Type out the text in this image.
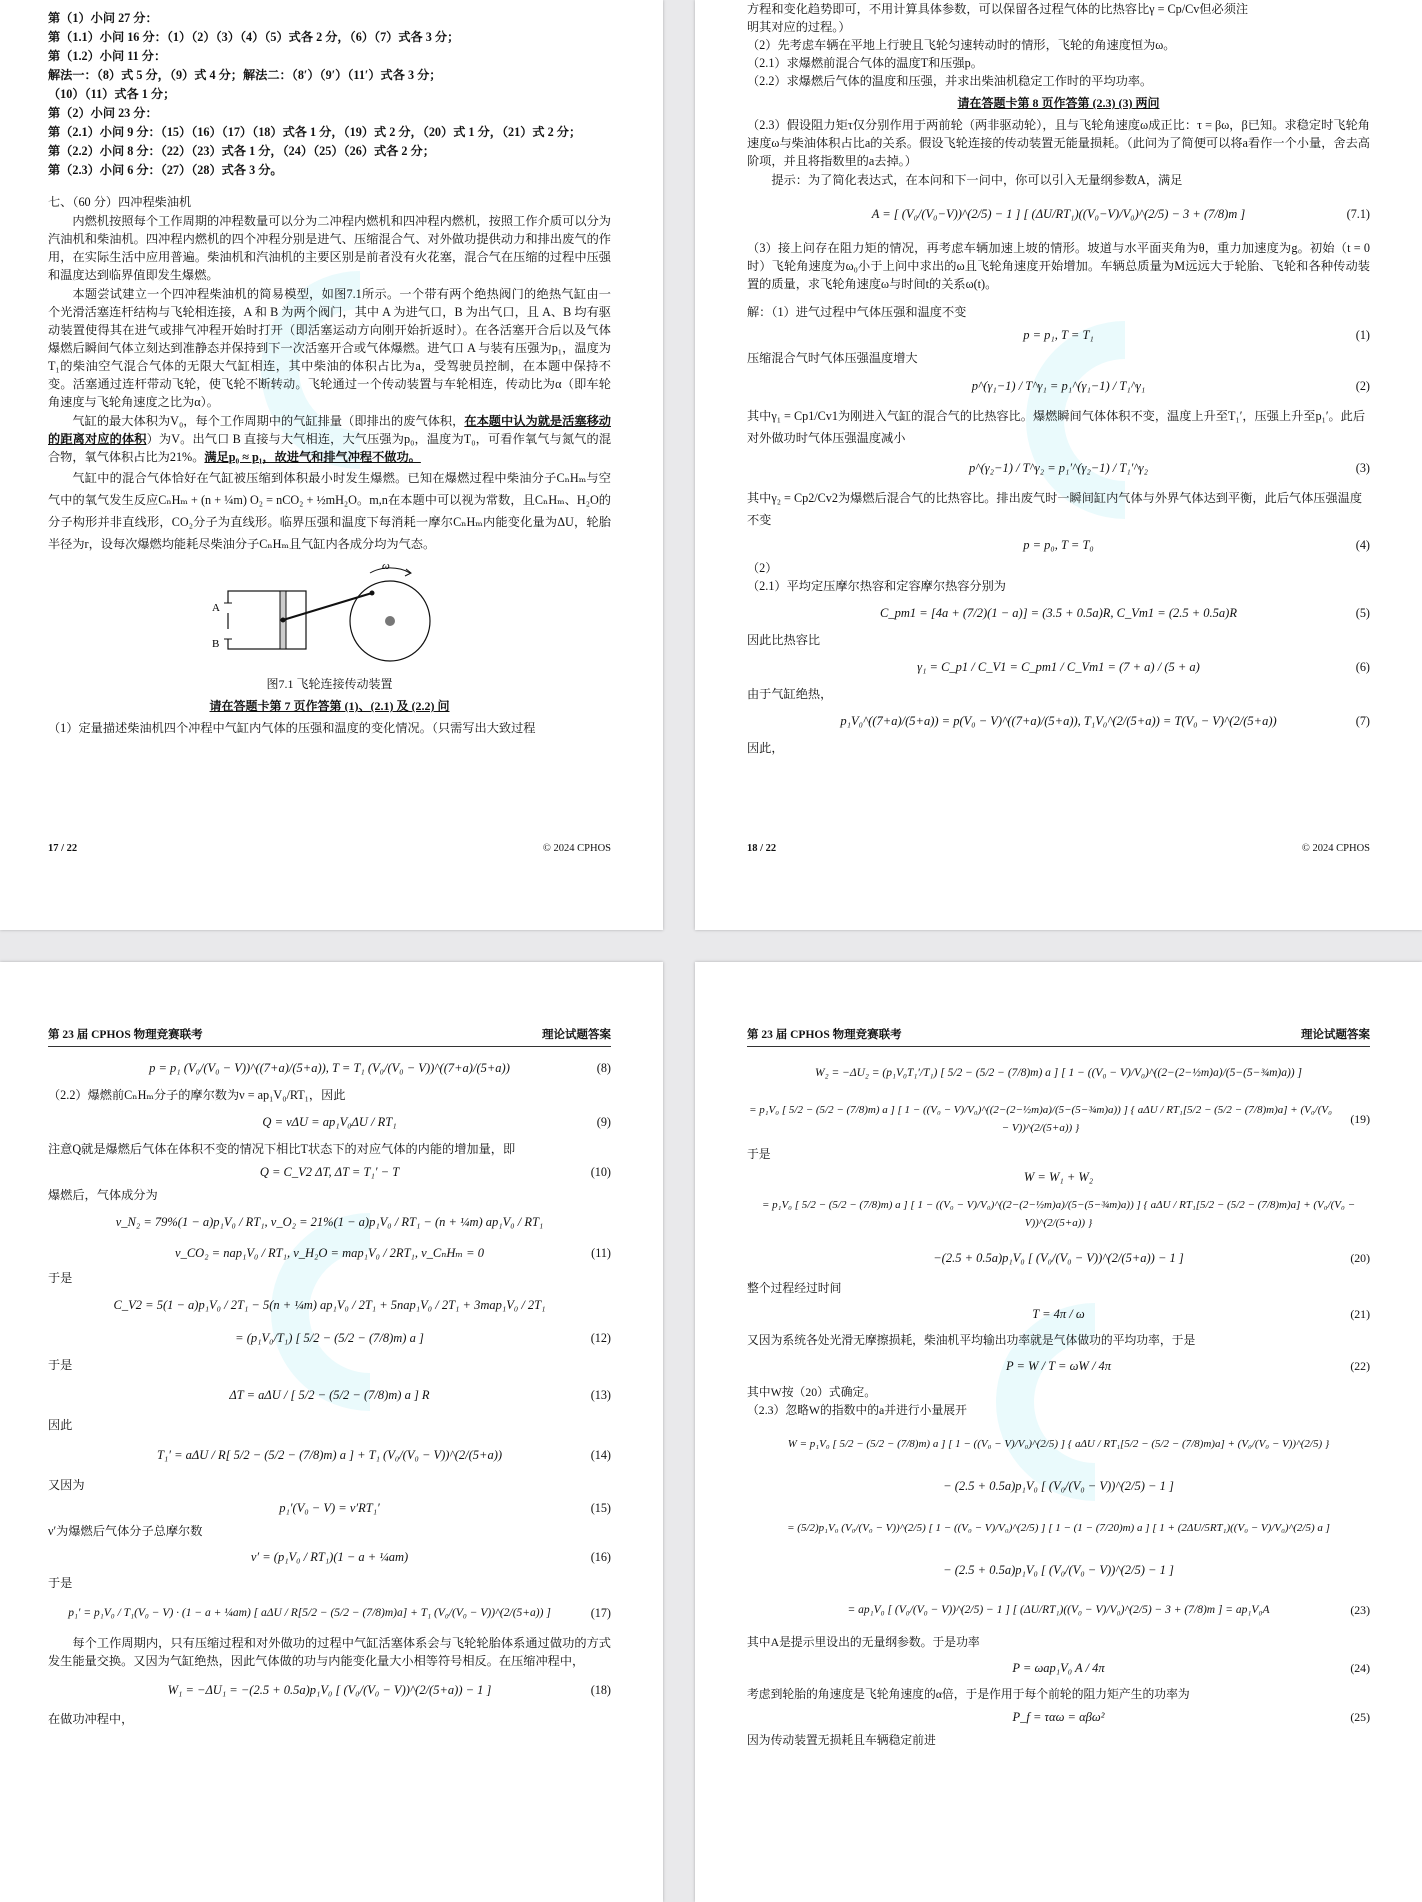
第（1）小问 27 分：
第（1.1）小问 16 分：（1）（2）（3）（4）（5）式各 2 分，（6）（7）式各 3 分；
第（1.2）小问 11 分：
解法一：（8）式 5 分，（9）式 4 分；解法二：（8′）（9′）（11′）式各 3 分；
（10）（11）式各 1 分；
第（2）小问 23 分：
第（2.1）小问 9 分：（15）（16）（17）（18）式各 1 分，（19）式 2 分，（20）式 1 分，（21）式 2 分；
第（2.2）小问 8 分：（22）（23）式各 1 分，（24）（25）（26）式各 2 分；
第（2.3）小问 6 分：（27）（28）式各 3 分。
七、（60 分）四冲程柴油机

内燃机按照每个工作周期的冲程数量可以分为二冲程内燃机和四冲程内燃机，按照工作介质可以分为汽油机和柴油机。四冲程内燃机的四个冲程分别是进气、压缩混合气、对外做功提供动力和排出废气的作用，在实际生活中应用普遍。柴油机和汽油机的主要区别是前者没有火花塞，混合气在压缩的过程中压强和温度达到临界值即发生爆燃。

本题尝试建立一个四冲程柴油机的简易模型，如图7.1所示。一个带有两个绝热阀门的绝热气缸由一个光滑活塞连杆结构与飞轮相连接，A 和 B 为两个阀门，其中 A 为进气口，B 为出气口，且 A、B 均有驱动装置使得其在进气或排气冲程开始时打开（即活塞运动方向刚开始折返时）。在各活塞开合后以及气体爆燃后瞬间气体立刻达到准静态并保持到下一次活塞开合或气体爆燃。进气口 A 与装有压强为p₁，温度为T₁的柴油空气混合气体的无限大气缸相连，其中柴油的体积占比为a，受驾驶员控制，在本题中保持不变。活塞通过连杆带动飞轮，使飞轮不断转动。飞轮通过一个传动装置与车轮相连，传动比为α（即车轮角速度与飞轮角速度之比为α）。

气缸的最大体积为V₀，每个工作周期中的气缸排量（即排出的废气体积，在本题中认为就是活塞移动的距离对应的体积）为V。出气口 B 直接与大气相连，大气压强为p₀，温度为T₀，可看作氧气与氮气的混合物，氧气体积占比为21%。满足p₀ ≈ p₁，故进气和排气冲程不做功。

气缸中的混合气体恰好在气缸被压缩到体积最小时发生爆燃。已知在爆燃过程中柴油分子CₙHₘ与空气中的氧气发生反应CₙHₘ + (n + ¼m) O₂ = nCO₂ + ½mH₂O。m,n在本题中可以视为常数，且CₙHₘ、H₂O的分子构形并非直线形，CO₂分子为直线形。临界压强和温度下每消耗一摩尔CₙHₘ内能变化量为ΔU，轮胎半径为r，设每次爆燃均能耗尽柴油分子CₙHₘ且气缸内各成分均为气态。

ω
A
B
图7.1 飞轮连接传动装置
请在答题卡第 7 页作答第 (1)、(2.1) 及 (2.2) 问
（1）定量描述柴油机四个冲程中气缸内气体的压强和温度的变化情况。（只需写出大致过程
17 / 22	© 2024 CPHOS
方程和变化趋势即可，不用计算具体参数，可以保留各过程气体的比热容比γ = Cp/Cv但必须注
明其对应的过程。）
（2）先考虑车辆在平地上行驶且飞轮匀速转动时的情形，飞轮的角速度恒为ω。
（2.1）求爆燃前混合气体的温度T和压强p。
（2.2）求爆燃后气体的温度和压强，并求出柴油机稳定工作时的平均功率。
请在答题卡第 8 页作答第 (2.3) (3) 两问
（2.3）假设阻力矩τ仅分别作用于两前轮（两非驱动轮），且与飞轮角速度ω成正比：τ = βω，β已知。求稳定时飞轮角速度ω与柴油体积占比a的关系。假设飞轮连接的传动装置无能量损耗。（此问为了简便可以将a看作一个小量，舍去高阶项，并且将指数里的a去掉。）

提示：为了简化表达式，在本问和下一问中，你可以引入无量纲参数A，满足

A = [ (V₀/(V₀−V))^(2/5) − 1 ] [ (ΔU/RT₁)((V₀−V)/V₀)^(2/5) − 3 + (7/8)m ]	(7.1)
（3）接上问存在阻力矩的情况，再考虑车辆加速上坡的情形。坡道与水平面夹角为θ，重力加速度为g。初始（t = 0时）飞轮角速度为ω₀小于上问中求出的ω且飞轮角速度开始增加。车辆总质量为M远远大于轮胎、飞轮和各种传动装置的质量，求飞轮角速度ω与时间t的关系ω(t)。
解：（1）进气过程中气体压强和温度不变
p = p₁, T = T₁	(1)
压缩混合气时气体压强温度增大
p^(γ₁−1) / T^γ₁ = p₁^(γ₁−1) / T₁^γ₁	(2)
其中γ₁ = Cp1/Cv1为刚进入气缸的混合气的比热容比。爆燃瞬间气体体积不变，温度上升至T₁′，压强上升至p₁′。此后对外做功时气体压强温度减小
p^(γ₂−1) / T^γ₂ = p₁′^(γ₂−1) / T₁′^γ₂	(3)
其中γ₂ = Cp2/Cv2为爆燃后混合气的比热容比。排出废气时一瞬间缸内气体与外界气体达到平衡，此后气体压强温度不变
p = p₀, T = T₀	(4)
（2）
（2.1）平均定压摩尔热容和定容摩尔热容分别为
C_pm1 = [4a + (7/2)(1 − a)] = (3.5 + 0.5a)R, C_Vm1 = (2.5 + 0.5a)R	(5)
因此比热容比
γ₁ = C_p1 / C_V1 = C_pm1 / C_Vm1 = (7 + a) / (5 + a)	(6)
由于气缸绝热，
p₁V₀^((7+a)/(5+a)) = p(V₀ − V)^((7+a)/(5+a)), T₁V₀^(2/(5+a)) = T(V₀ − V)^(2/(5+a))	(7)
因此，
18 / 22	© 2024 CPHOS
第 23 届 CPHOS 物理竞赛联考	理论试题答案
p = p₁ (V₀/(V₀ − V))^((7+a)/(5+a)), T = T₁ (V₀/(V₀ − V))^((7+a)/(5+a))	(8)
（2.2）爆燃前CₙHₘ分子的摩尔数为ν = ap₁V₀/RT₁，因此
Q = νΔU = ap₁V₀ΔU / RT₁	(9)
注意Q就是爆燃后气体在体积不变的情况下相比T状态下的对应气体的内能的增加量，即
Q = C_V2 ΔT, ΔT = T₁′ − T	(10)
爆燃后，气体成分为
ν_N₂ = 79%(1 − a)p₁V₀ / RT₁, ν_O₂ = 21%(1 − a)p₁V₀ / RT₁ − (n + ¼m) ap₁V₀ / RT₁
ν_CO₂ = nap₁V₀ / RT₁, ν_H₂O = map₁V₀ / 2RT₁, ν_CₙHₘ = 0	(11)
于是
C_V2 = 5(1 − a)p₁V₀ / 2T₁ − 5(n + ¼m) ap₁V₀ / 2T₁ + 5nap₁V₀ / 2T₁ + 3map₁V₀ / 2T₁
= (p₁V₀/T₁) [ 5/2 − (5/2 − (7/8)m) a ]	(12)
于是
ΔT = aΔU / [ 5/2 − (5/2 − (7/8)m) a ] R	(13)
因此
T₁′ = aΔU / R[ 5/2 − (5/2 − (7/8)m) a ] + T₁ (V₀/(V₀ − V))^(2/(5+a))	(14)
又因为
p₁′(V₀ − V) = ν′RT₁′	(15)
ν′为爆燃后气体分子总摩尔数
ν′ = (p₁V₀ / RT₁)(1 − a + ¼am)	(16)
于是
p₁′ = p₁V₀ / T₁(V₀ − V) · (1 − a + ¼am) [ aΔU / R[5/2 − (5/2 − (7/8)m)a] + T₁ (V₀/(V₀ − V))^(2/(5+a)) ]	(17)

每个工作周期内，只有压缩过程和对外做功的过程中气缸活塞体系会与飞轮轮胎体系通过做功的方式发生能量交换。又因为气缸绝热，因此气体做的功与内能变化量大小相等符号相反。在压缩冲程中，

W₁ = −ΔU₁ = −(2.5 + 0.5a)p₁V₀ [ (V₀/(V₀ − V))^(2/(5+a)) − 1 ]	(18)
在做功冲程中，
第 23 届 CPHOS 物理竞赛联考	理论试题答案
W₂ = −ΔU₂ = (p₁V₀T₁′/T₁) [ 5/2 − (5/2 − (7/8)m) a ] [ 1 − ((V₀ − V)/V₀)^((2−(2−½m)a)/(5−(5−¾m)a)) ]
= p₁V₀ [ 5/2 − (5/2 − (7/8)m) a ] [ 1 − ((V₀ − V)/V₀)^((2−(2−½m)a)/(5−(5−¾m)a)) ] { aΔU / RT₁[5/2 − (5/2 − (7/8)m)a] + (V₀/(V₀ − V))^(2/(5+a)) }
(19)
于是
W = W₁ + W₂
= p₁V₀ [ 5/2 − (5/2 − (7/8)m) a ] [ 1 − ((V₀ − V)/V₀)^((2−(2−½m)a)/(5−(5−¾m)a)) ] { aΔU / RT₁[5/2 − (5/2 − (7/8)m)a] + (V₀/(V₀ − V))^(2/(5+a)) }
−(2.5 + 0.5a)p₁V₀ [ (V₀/(V₀ − V))^(2/(5+a)) − 1 ]	(20)
整个过程经过时间
T = 4π / ω	(21)
又因为系统各处光滑无摩擦损耗，柴油机平均输出功率就是气体做功的平均功率，于是
P = W / T = ωW / 4π	(22)
其中W按（20）式确定。
（2.3）忽略W的指数中的a并进行小量展开
W = p₁V₀ [ 5/2 − (5/2 − (7/8)m) a ] [ 1 − ((V₀ − V)/V₀)^(2/5) ] { aΔU / RT₁[5/2 − (5/2 − (7/8)m)a] + (V₀/(V₀ − V))^(2/5) }
− (2.5 + 0.5a)p₁V₀ [ (V₀/(V₀ − V))^(2/5) − 1 ]
= (5/2)p₁V₀ (V₀/(V₀ − V))^(2/5) [ 1 − ((V₀ − V)/V₀)^(2/5) ] [ 1 − (1 − (7/20)m) a ] [ 1 + (2ΔU/5RT₁)((V₀ − V)/V₀)^(2/5) a ]
− (2.5 + 0.5a)p₁V₀ [ (V₀/(V₀ − V))^(2/5) − 1 ]
= ap₁V₀ [ (V₀/(V₀ − V))^(2/5) − 1 ] [ (ΔU/RT₁)((V₀ − V)/V₀)^(2/5) − 3 + (7/8)m ] = ap₁V₀A	(23)
其中A是提示里设出的无量纲参数。于是功率
P = ωap₁V₀ A / 4π	(24)
考虑到轮胎的角速度是飞轮角速度的α倍，于是作用于每个前轮的阻力矩产生的功率为
P_f = ταω = αβω²	(25)
因为传动装置无损耗且车辆稳定前进
